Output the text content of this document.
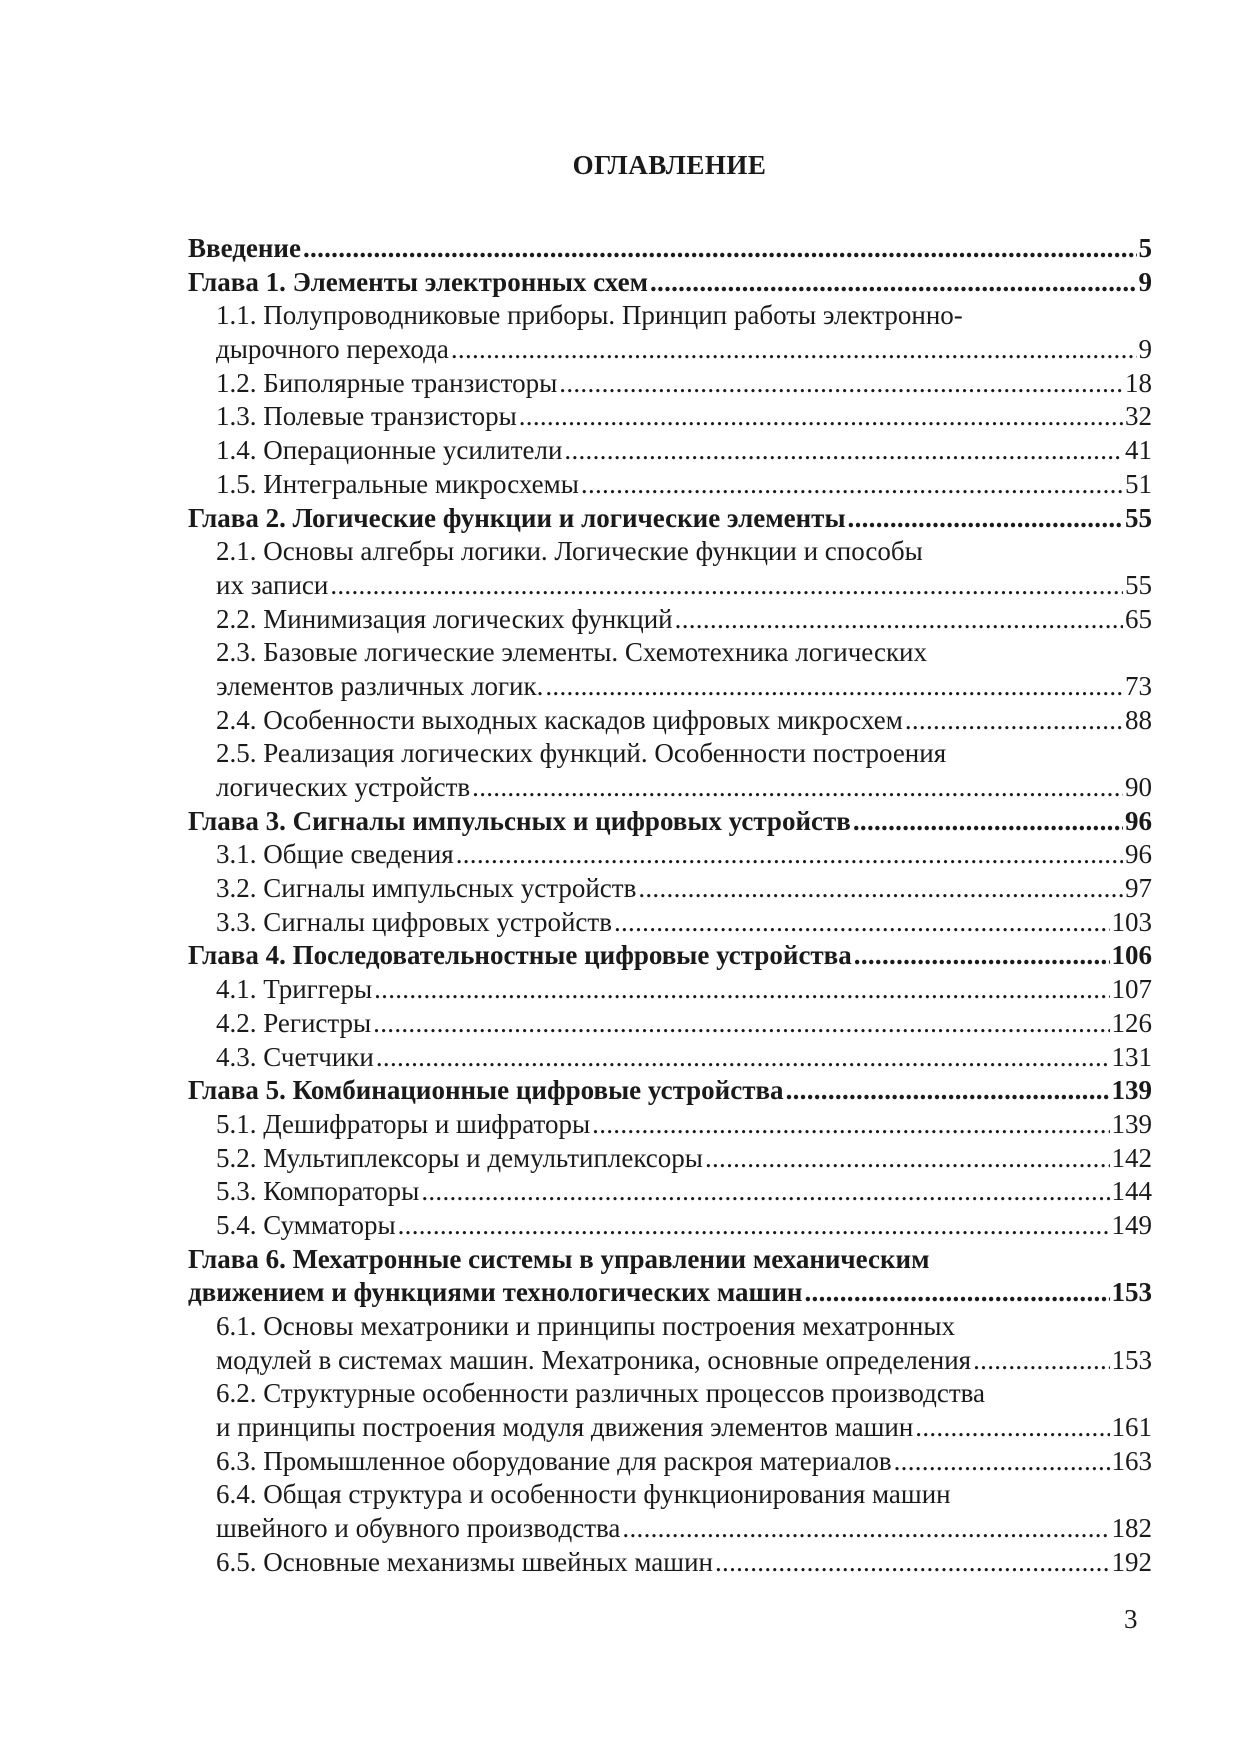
ОГЛАВЛЕНИЕ
Введение .....	5
Глава 1. Элементы электронных схем .....	9
1.1. Полупроводниковые приборы. Принцип работы электронно-
дырочного перехода .....	9
1.2. Биполярные транзисторы .....	18
1.3. Полевые транзисторы .....	32
1.4. Операционные усилители .....	41
1.5. Интегральные микросхемы .....	51
Глава 2. Логические функции и логические элементы .....	55
2.1. Основы алгебры логики. Логические функции и способы
их записи .....	55
2.2. Минимизация логических функций .....	65
2.3. Базовые логические элементы. Схемотехника логических
элементов различных логик. .....	73
2.4. Особенности выходных каскадов цифровых микросхем .....	88
2.5. Реализация логических функций. Особенности построения
логических устройств .....	90
Глава 3. Сигналы импульсных и цифровых устройств .....	96
3.1. Общие сведения .....	96
3.2. Сигналы импульсных устройств .....	97
3.3. Сигналы цифровых устройств .....	103
Глава 4. Последовательностные цифровые устройства .....	106
4.1. Триггеры .....	107
4.2. Регистры .....	126
4.3. Счетчики .....	131
Глава 5. Комбинационные цифровые устройства .....	139
5.1. Дешифраторы и шифраторы .....	139
5.2. Мультиплексоры и демультиплексоры .....	142
5.3. Компораторы .....	144
5.4. Сумматоры .....	149
Глава 6. Мехатронные системы в управлении механическим
движением и функциями технологических машин .....	153
6.1. Основы мехатроники и принципы построения мехатронных
модулей в системах машин. Мехатроника, основные определения .....	153
6.2. Структурные особенности различных процессов производства
и принципы построения модуля движения элементов машин .....	161
6.3. Промышленное оборудование для раскроя материалов .....	163
6.4. Общая структура и особенности функционирования машин
швейного и обувного производства .....	182
6.5. Основные механизмы швейных машин .....	192
3
